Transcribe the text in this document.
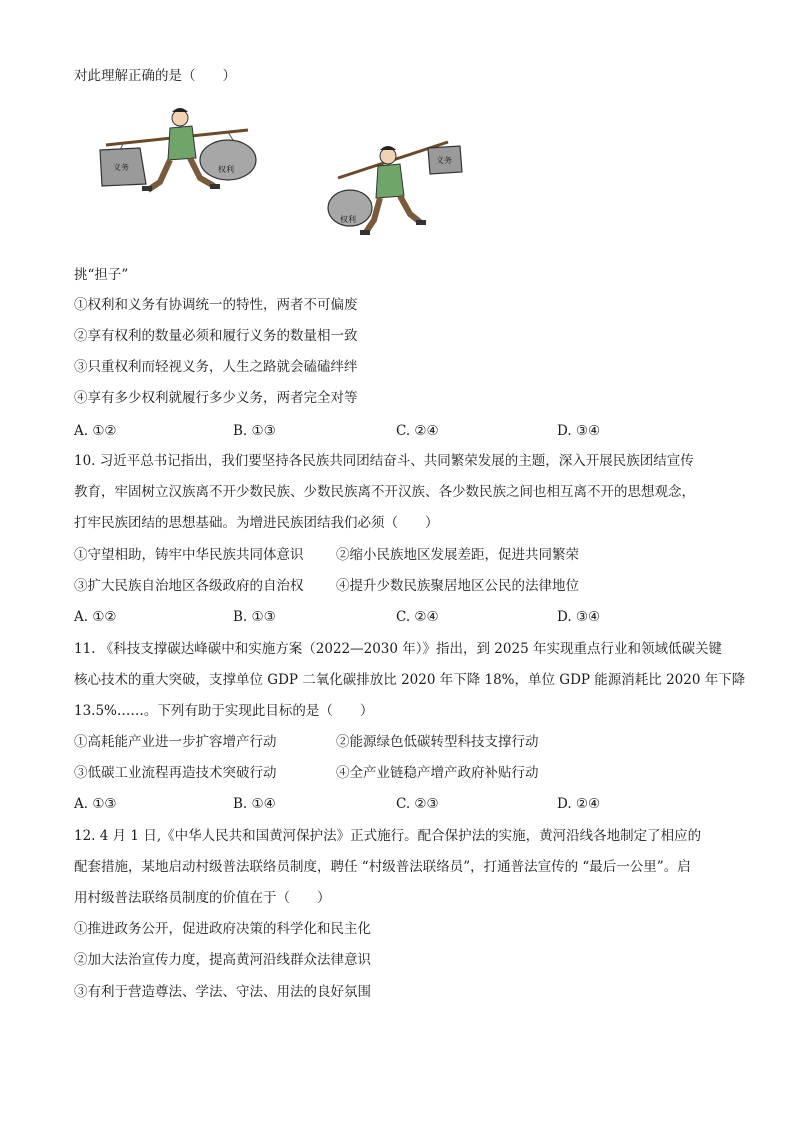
对此理解正确的是（　　）
义务	权利
权利
义务
挑“担子”
①权利和义务有协调统一的特性，两者不可偏废
②享有权利的数量必须和履行义务的数量相一致
③只重权利而轻视义务，人生之路就会磕磕绊绊
④享有多少权利就履行多少义务，两者完全对等
A. ①②	B. ①③	C. ②④	D. ③④
10. 习近平总书记指出，我们要坚持各民族共同团结奋斗、共同繁荣发展的主题，深入开展民族团结宣传
教育，牢固树立汉族离不开少数民族、少数民族离不开汉族、各少数民族之间也相互离不开的思想观念，
打牢民族团结的思想基础。为增进民族团结我们必须（　　）
①守望相助，铸牢中华民族共同体意识 ②缩小民族地区发展差距，促进共同繁荣
③扩大民族自治地区各级政府的自治权 ④提升少数民族聚居地区公民的法律地位
A. ①②	B. ①③	C. ②④	D. ③④
11. 《科技支撑碳达峰碳中和实施方案（2022—2030 年）》指出，到 2025 年实现重点行业和领域低碳关键
核心技术的重大突破，支撑单位 GDP 二氧化碳排放比 2020 年下降 18%，单位 GDP 能源消耗比 2020 年下降
13.5%……。下列有助于实现此目标的是（　　）
①高耗能产业进一步扩容增产行动	②能源绿色低碳转型科技支撑行动
③低碳工业流程再造技术突破行动	④全产业链稳产增产政府补贴行动
A. ①③	B. ①④	C. ②③	D. ②④
12. 4 月 1 日,《中华人民共和国黄河保护法》正式施行。配合保护法的实施，黄河沿线各地制定了相应的
配套措施，某地启动村级普法联络员制度，聘任 “村级普法联络员”，打通普法宣传的 “最后一公里”。启
用村级普法联络员制度的价值在于（　　）
①推进政务公开，促进政府决策的科学化和民主化
②加大法治宣传力度，提高黄河沿线群众法律意识
③有利于营造尊法、学法、守法、用法的良好氛围
